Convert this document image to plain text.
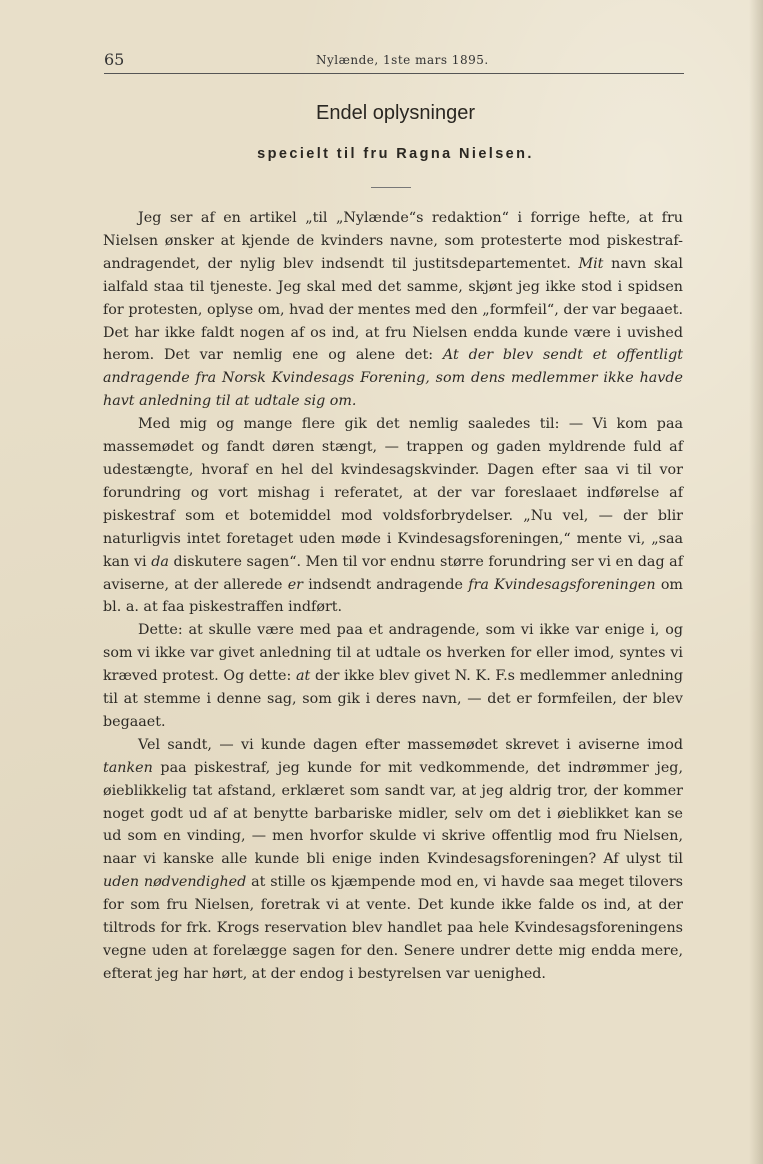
65	Nylænde, 1ste mars 1895.
Endel oplysninger
specielt til fru Ragna Nielsen.

Jeg ser af en artikel „til „Nylænde“s redaktion“ i forrige hefte, at fru Nielsen ønsker at kjende de kvinders navne, som protesterte mod piskestraf-andragendet, der nylig blev indsendt til justitsdepartementet. Mit navn skal ialfald staa til tjeneste. Jeg skal med det samme, skjønt jeg ikke stod i spidsen for protesten, oplyse om, hvad der mentes med den „formfeil“, der var begaaet. Det har ikke faldt nogen af os ind, at fru Nielsen endda kunde være i uvished herom. Det var nemlig ene og alene det: At der blev sendt et offentligt andragende fra Norsk Kvindesags Forening, som dens medlemmer ikke havde havt anledning til at udtale sig om.

Med mig og mange flere gik det nemlig saaledes til: — Vi kom paa massemødet og fandt døren stængt, — trappen og gaden myldrende fuld af udestængte, hvoraf en hel del kvindesagskvinder. Dagen efter saa vi til vor forundring og vort mishag i referatet, at der var foreslaaet indførelse af piskestraf som et botemiddel mod voldsforbrydelser. „Nu vel, — der blir naturligvis intet foretaget uden møde i Kvindesagsforeningen,“ mente vi, „saa kan vi da diskutere sagen“. Men til vor endnu større forundring ser vi en dag af aviserne, at der allerede er indsendt andragende fra Kvindesagsforeningen om bl. a. at faa piskestraffen indført.

Dette: at skulle være med paa et andragende, som vi ikke var enige i, og som vi ikke var givet anledning til at udtale os hverken for eller imod, syntes vi kræved protest. Og dette: at der ikke blev givet N. K. F.s medlemmer anledning til at stemme i denne sag, som gik i deres navn, — det er formfeilen, der blev begaaet.

Vel sandt, — vi kunde dagen efter massemødet skrevet i aviserne imod tanken paa piskestraf, jeg kunde for mit vedkommende, det indrømmer jeg, øieblikkelig tat afstand, erklæret som sandt var, at jeg aldrig tror, der kommer noget godt ud af at benytte barbariske midler, selv om det i øieblikket kan se ud som en vinding, — men hvorfor skulde vi skrive offentlig mod fru Nielsen, naar vi kanske alle kunde bli enige inden Kvindesagsforeningen? Af ulyst til uden nødvendighed at stille os kjæmpende mod en, vi havde saa meget tilovers for som fru Nielsen, foretrak vi at vente. Det kunde ikke falde os ind, at der tiltrods for frk. Krogs reservation blev handlet paa hele Kvindesagsforeningens vegne uden at forelægge sagen for den. Senere undrer dette mig endda mere, efterat jeg har hørt, at der endog i bestyrelsen var uenighed.
